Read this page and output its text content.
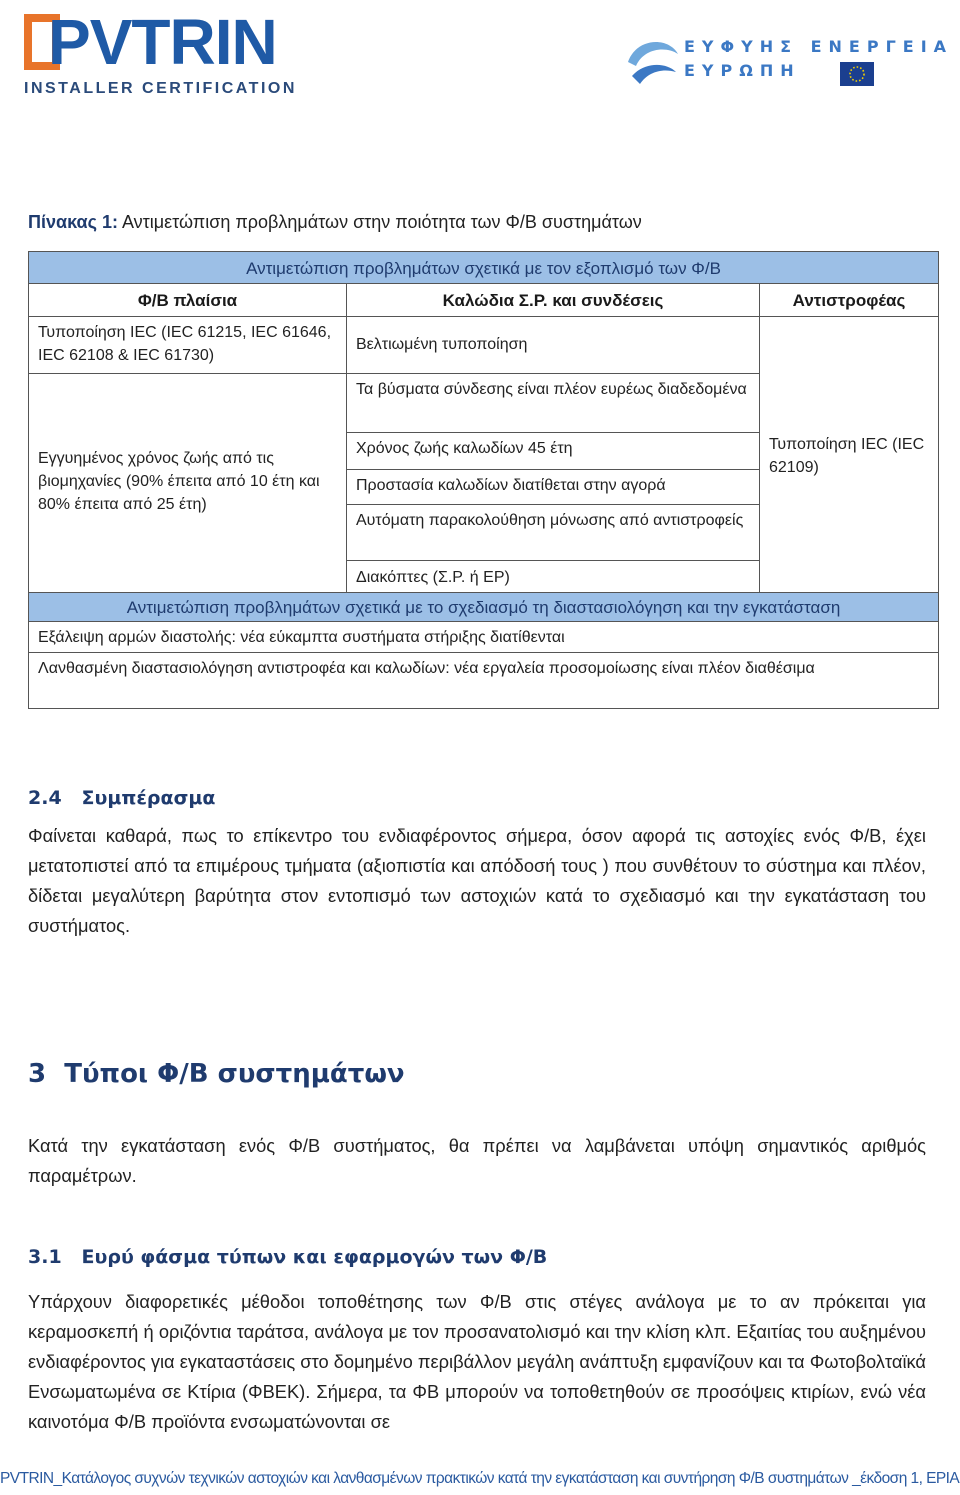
PVTRIN
INSTALLER CERTIFICATION
ΕΥΦΥΗΣ ΕΝΕΡΓΕΙΑ
ΕΥΡΩΠΗ
Πίνακας 1: Αντιμετώπιση προβλημάτων στην ποιότητα των Φ/Β συστημάτων
Αντιμετώπιση προβλημάτων σχετικά με τον εξοπλισμό των Φ/Β
Φ/Β πλαίσια	Καλώδια Σ.Ρ. και συνδέσεις	Αντιστροφέας
Τυποποίηση IEC (IEC 61215, IEC 61646, IEC 62108 & IEC 61730)
Εγγυημένος χρόνος ζωής από τις βιομηχανίες (90% έπειτα από 10 έτη και 80% έπειτα από 25 έτη)
Βελτιωμένη τυποποίηση
Τα βύσματα σύνδεσης είναι πλέον ευρέως διαδεδομένα
Χρόνος ζωής καλωδίων 45 έτη
Προστασία καλωδίων διατίθεται στην αγορά
Αυτόματη παρακολούθηση μόνωσης από αντιστροφείς
Διακόπτες (Σ.Ρ. ή ΕΡ)
Τυποποίηση IEC (IEC 62109)
Αντιμετώπιση προβλημάτων σχετικά με το σχεδιασμό τη διαστασιολόγηση και την εγκατάσταση
Εξάλειψη αρμών διαστολής: νέα εύκαμπτα συστήματα στήριξης διατίθενται
Λανθασμένη διαστασιολόγηση αντιστροφέα και καλωδίων: νέα εργαλεία προσομοίωσης είναι πλέον διαθέσιμα
2.4 Συμπέρασμα
Φαίνεται καθαρά, πως το επίκεντρο του ενδιαφέροντος σήμερα, όσον αφορά τις αστοχίες ενός Φ/Β, έχει μετατοπιστεί από τα επιμέρους τμήματα (αξιοπιστία και απόδοσή τους ) που συνθέτουν το σύστημα και πλέον, δίδεται μεγαλύτερη βαρύτητα στον εντοπισμό των αστοχιών κατά το σχεδιασμό και την εγκατάσταση του συστήματος.
3 Τύποι Φ/Β συστημάτων
Κατά την εγκατάσταση ενός Φ/Β συστήματος, θα πρέπει να λαμβάνεται υπόψη σημαντικός αριθμός παραμέτρων.
3.1 Ευρύ φάσμα τύπων και εφαρμογών των Φ/Β
Υπάρχουν διαφορετικές μέθοδοι τοποθέτησης των Φ/Β στις στέγες ανάλογα με το αν πρόκειται για κεραμοσκεπή ή οριζόντια ταράτσα, ανάλογα με τον προσανατολισμό και την κλίση κλπ. Εξαιτίας του αυξημένου ενδιαφέροντος για εγκαταστάσεις στο δομημένο περιβάλλον μεγάλη ανάπτυξη εμφανίζουν και τα Φωτοβολταϊκά Ενσωματωμένα σε Κτίρια (ΦΒΕΚ). Σήμερα, τα ΦΒ μπορούν να τοποθετηθούν σε προσόψεις κτιρίων, ενώ νέα καινοτόμα Φ/Β προϊόντα ενσωματώνονται σε
PVTRIN_Κατάλογος συχνών τεχνικών αστοχιών και λανθασμένων πρακτικών κατά την εγκατάσταση και συντήρηση Φ/Β συστημάτων _έκδοση 1, EPIA
